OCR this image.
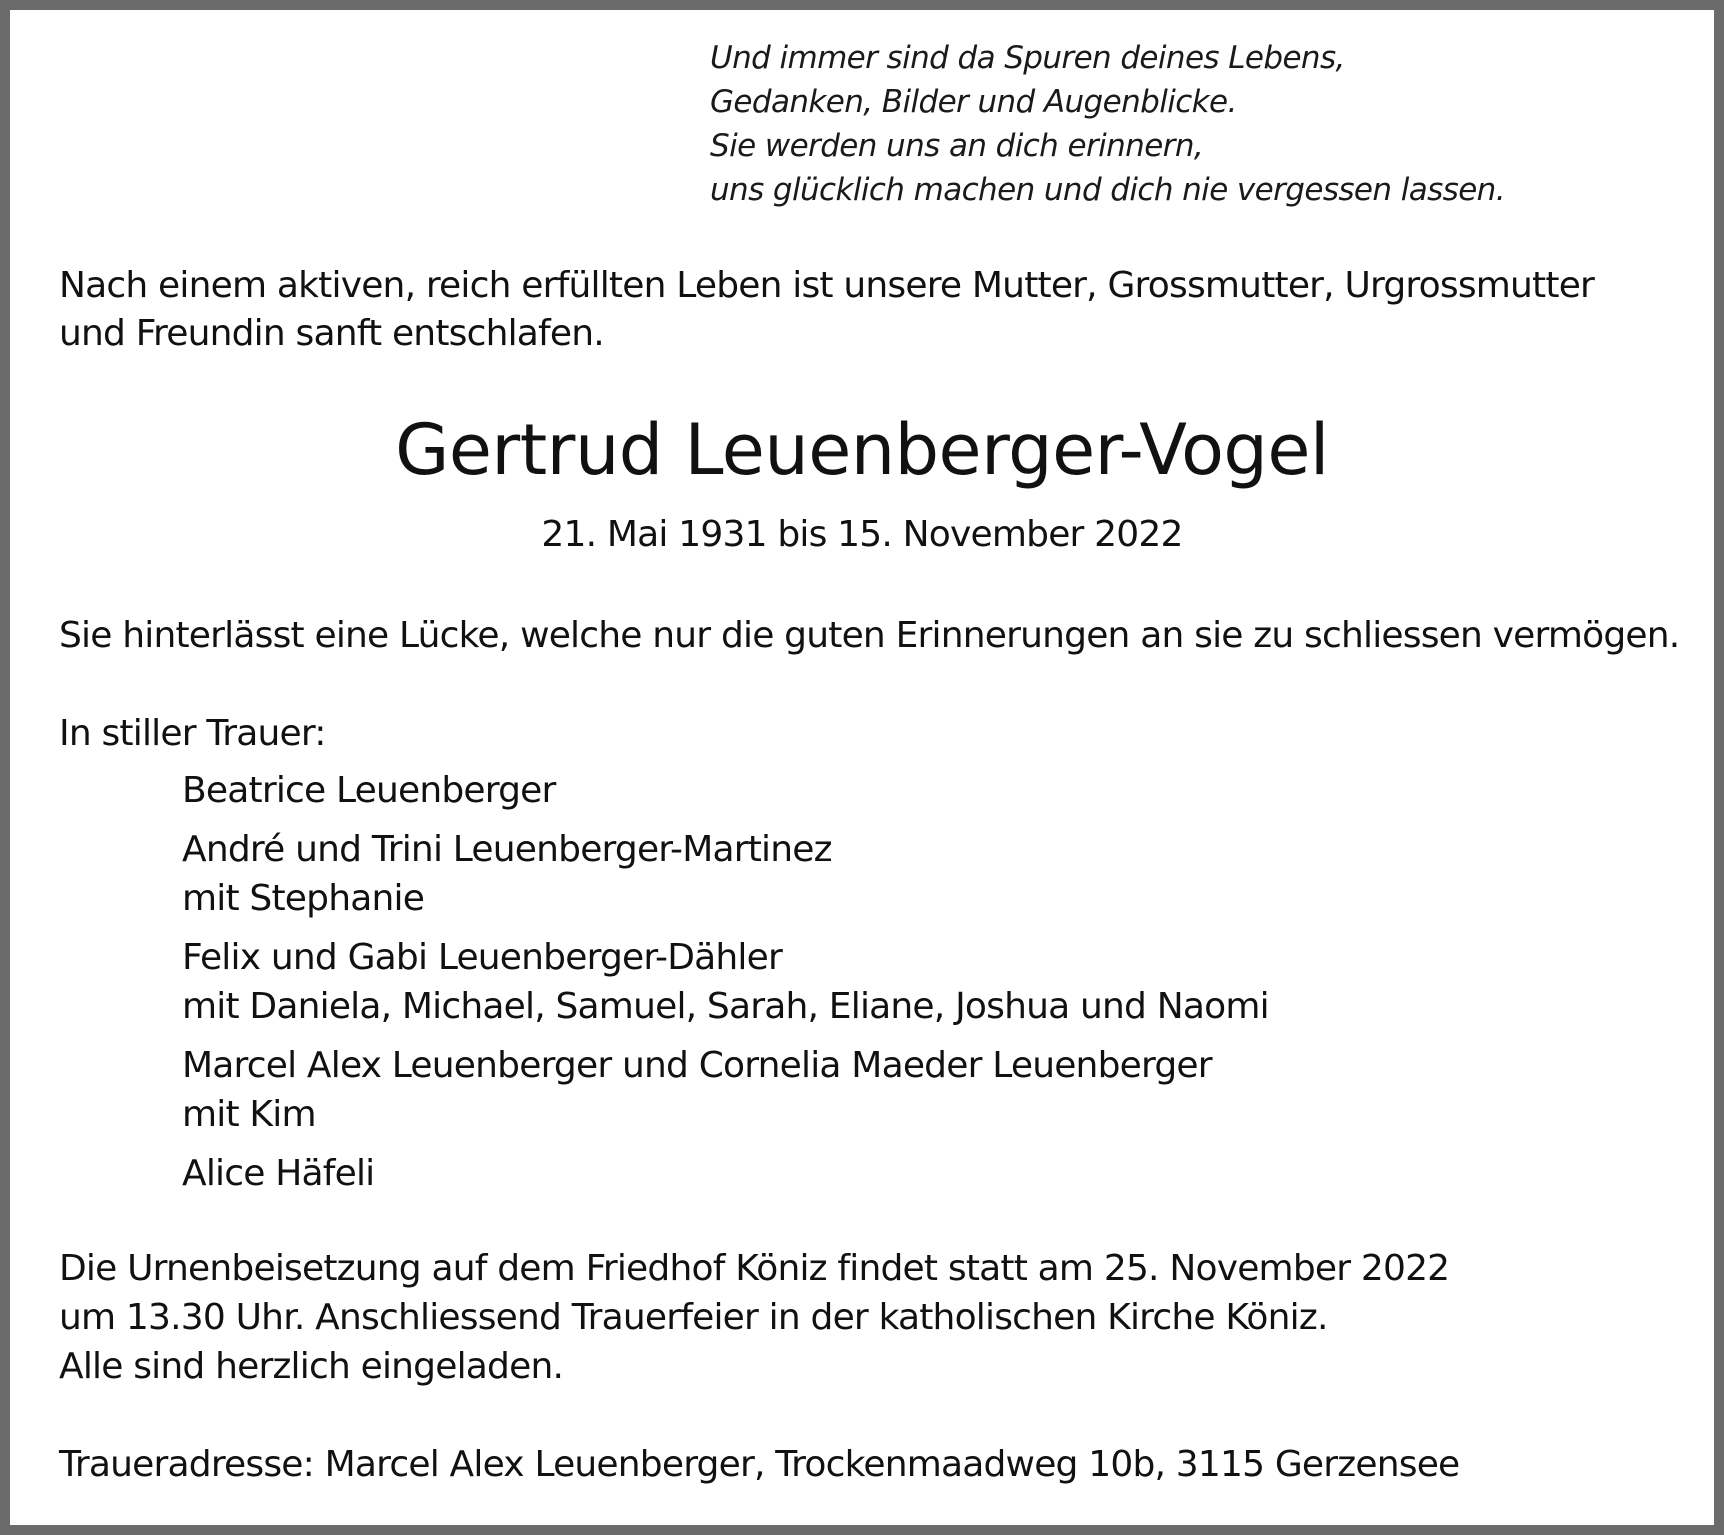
Und immer sind da Spuren deines Lebens,
Gedanken, Bilder und Augenblicke.
Sie werden uns an dich erinnern,
uns glücklich machen und dich nie vergessen lassen.
Nach einem aktiven, reich erfüllten Leben ist unsere Mutter, Grossmutter, Urgrossmutter
und Freundin sanft entschlafen.
Gertrud Leuenberger-Vogel
21. Mai 1931 bis 15. November 2022
Sie hinterlässt eine Lücke, welche nur die guten Erinnerungen an sie zu schliessen vermögen.
In stiller Trauer:
Beatrice Leuenberger
André und Trini Leuenberger-Martinez
mit Stephanie
Felix und Gabi Leuenberger-Dähler
mit Daniela, Michael, Samuel, Sarah, Eliane, Joshua und Naomi
Marcel Alex Leuenberger und Cornelia Maeder Leuenberger
mit Kim
Alice Häfeli
Die Urnenbeisetzung auf dem Friedhof Köniz findet statt am 25. November 2022
um 13.30 Uhr. Anschliessend Trauerfeier in der katholischen Kirche Köniz.
Alle sind herzlich eingeladen.
Traueradresse: Marcel Alex Leuenberger, Trockenmaadweg 10b, 3115 Gerzensee
